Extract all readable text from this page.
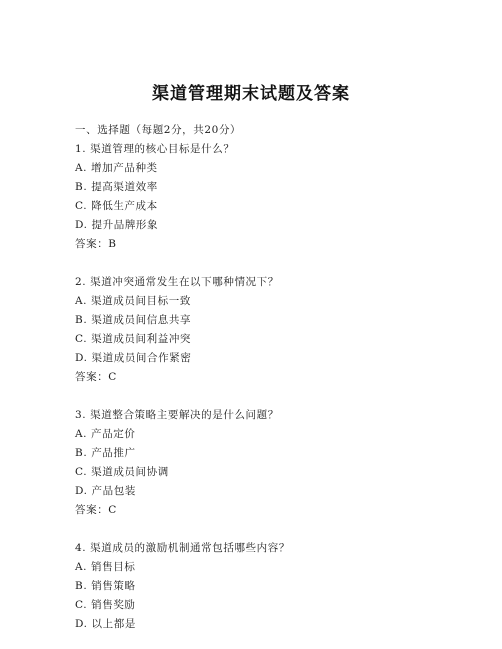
渠道管理期末试题及答案
一、选择题（每题2分，共20分）
1. 渠道管理的核心目标是什么？
A. 增加产品种类
B. 提高渠道效率
C. 降低生产成本
D. 提升品牌形象
答案：B
2. 渠道冲突通常发生在以下哪种情况下？
A. 渠道成员间目标一致
B. 渠道成员间信息共享
C. 渠道成员间利益冲突
D. 渠道成员间合作紧密
答案：C
3. 渠道整合策略主要解决的是什么问题？
A. 产品定价
B. 产品推广
C. 渠道成员间协调
D. 产品包装
答案：C
4. 渠道成员的激励机制通常包括哪些内容？
A. 销售目标
B. 销售策略
C. 销售奖励
D. 以上都是
